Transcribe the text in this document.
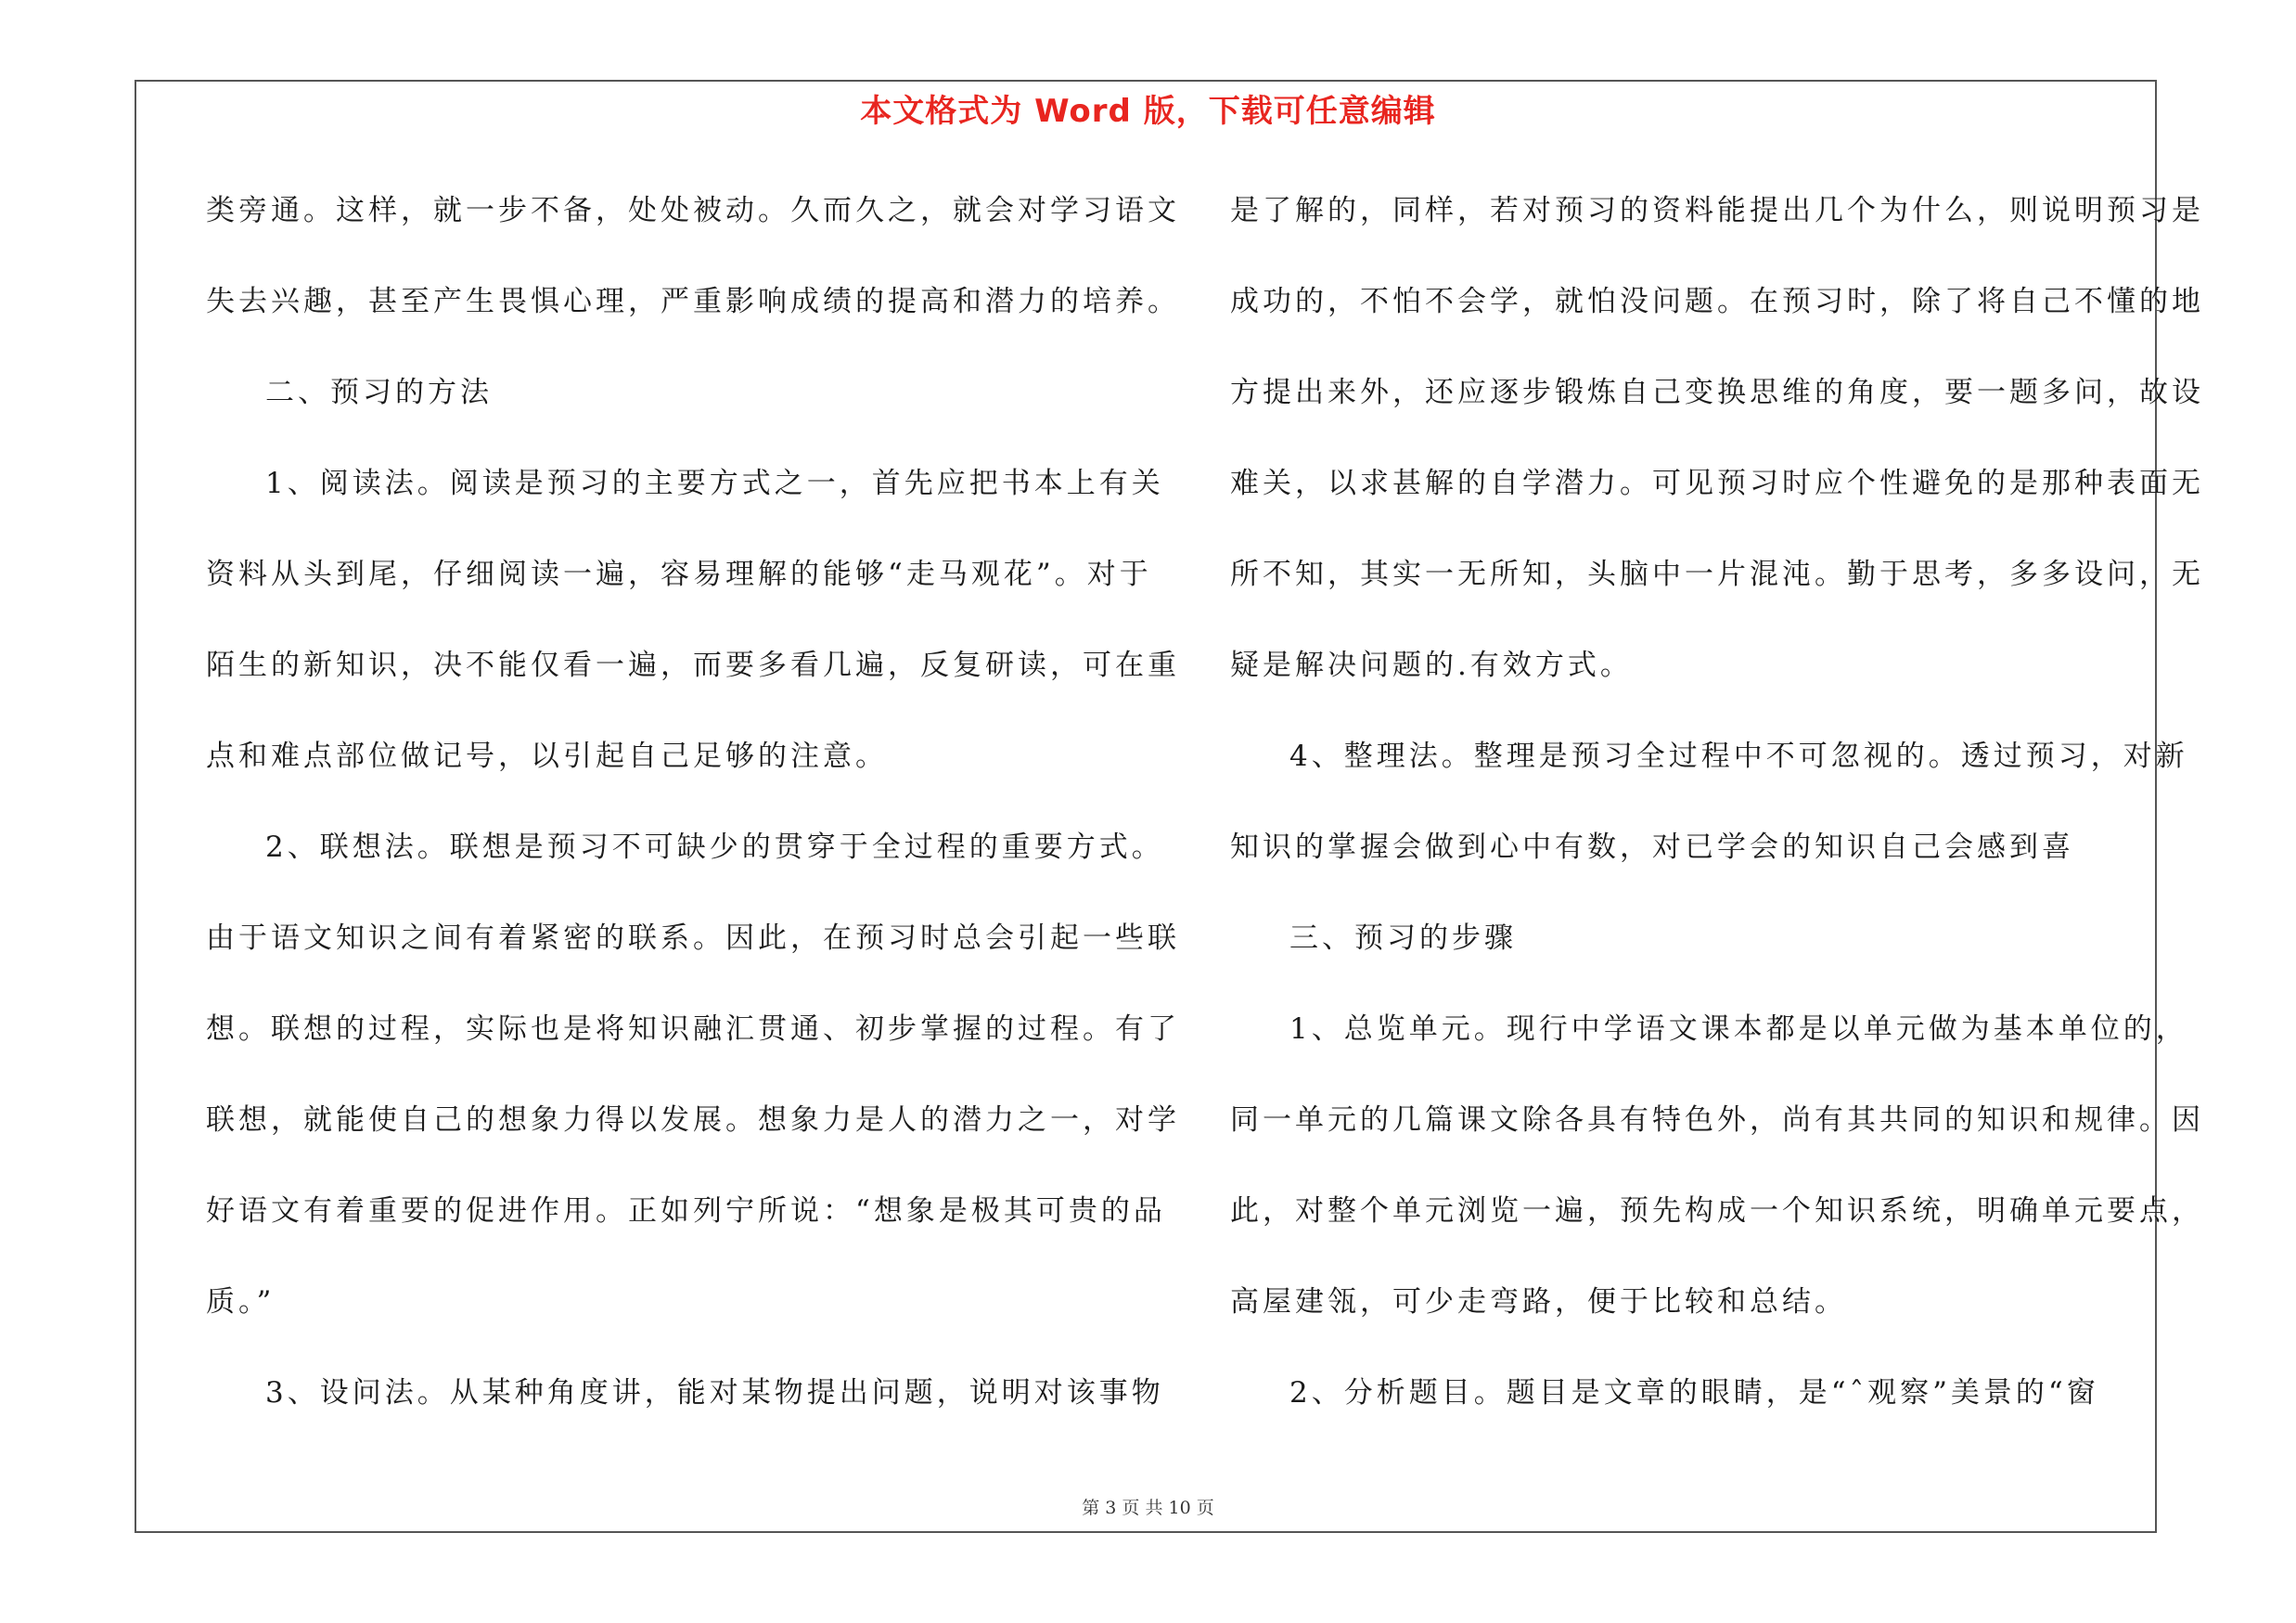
本文格式为 Word 版，下载可任意编辑
类旁通。这样，就一步不备，处处被动。久而久之，就会对学习语文
失去兴趣，甚至产生畏惧心理，严重影响成绩的提高和潜力的培养。
二、预习的方法
1、阅读法。阅读是预习的主要方式之一，首先应把书本上有关
资料从头到尾，仔细阅读一遍，容易理解的能够“走马观花”。对于
陌生的新知识，决不能仅看一遍，而要多看几遍，反复研读，可在重
点和难点部位做记号，以引起自己足够的注意。
2、联想法。联想是预习不可缺少的贯穿于全过程的重要方式。
由于语文知识之间有着紧密的联系。因此，在预习时总会引起一些联
想。联想的过程，实际也是将知识融汇贯通、初步掌握的过程。有了
联想，就能使自己的想象力得以发展。想象力是人的潜力之一，对学
好语文有着重要的促进作用。正如列宁所说：“想象是极其可贵的品
质。”
3、设问法。从某种角度讲，能对某物提出问题，说明对该事物
是了解的，同样，若对预习的资料能提出几个为什么，则说明预习是
成功的，不怕不会学，就怕没问题。在预习时，除了将自己不懂的地
方提出来外，还应逐步锻炼自己变换思维的角度，要一题多问，故设
难关，以求甚解的自学潜力。可见预习时应个性避免的是那种表面无
所不知，其实一无所知，头脑中一片混沌。勤于思考，多多设问，无
疑是解决问题的.有效方式。
4、整理法。整理是预习全过程中不可忽视的。透过预习，对新
知识的掌握会做到心中有数，对已学会的知识自己会感到喜
三、预习的步骤
1、总览单元。现行中学语文课本都是以单元做为基本单位的，
同一单元的几篇课文除各具有特色外，尚有其共同的知识和规律。因
此，对整个单元浏览一遍，预先构成一个知识系统，明确单元要点，
高屋建瓴，可少走弯路，便于比较和总结。
2、分析题目。题目是文章的眼睛，是“ˆ观察”美景的“窗
第 3 页 共 10 页
